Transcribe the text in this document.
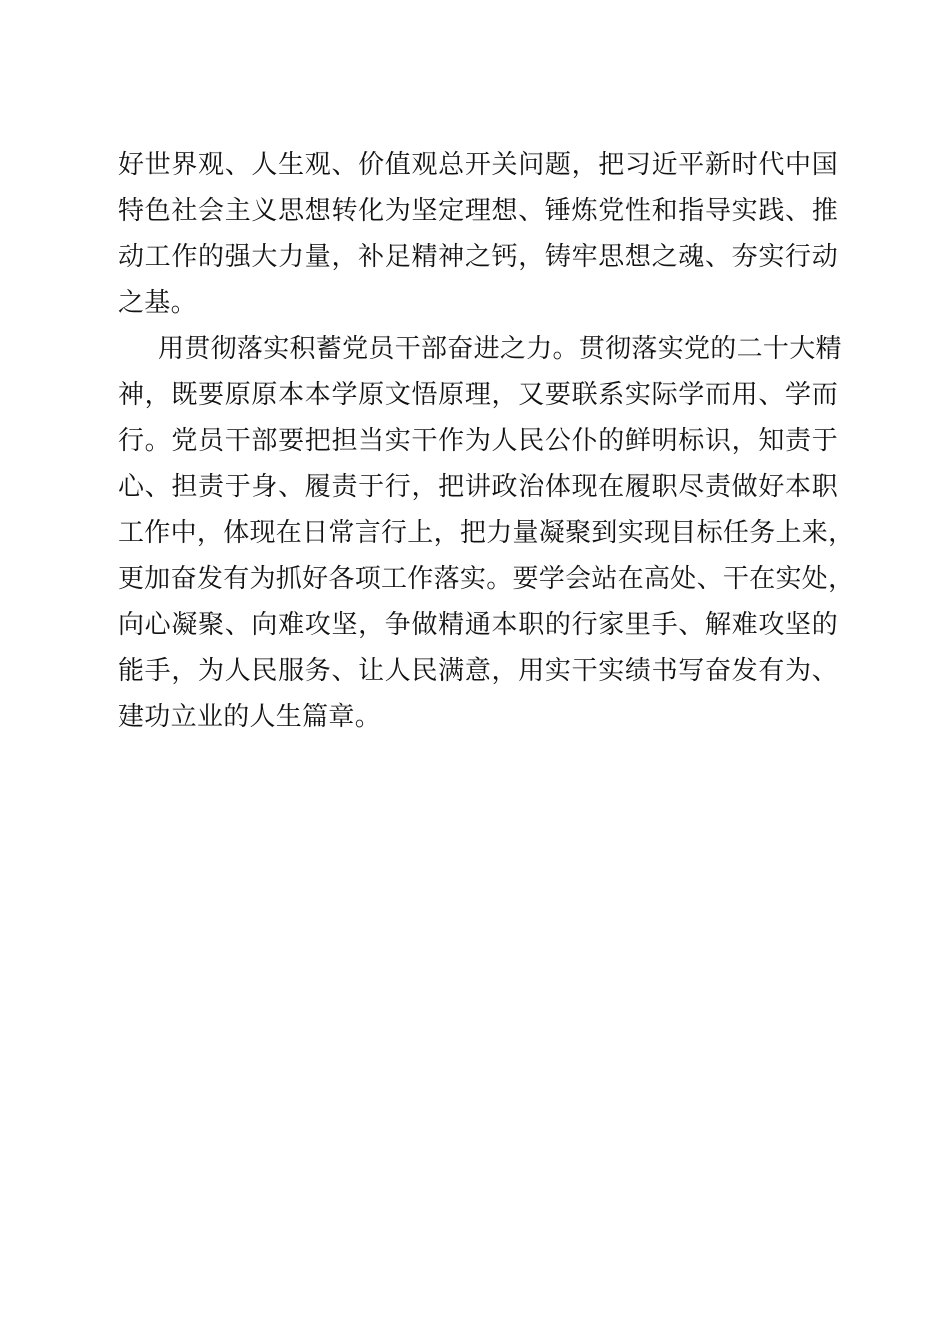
好世界观、人生观、价值观总开关问题，把习近平新时代中国
特色社会主义思想转化为坚定理想、锤炼党性和指导实践、推
动工作的强大力量，补足精神之钙，铸牢思想之魂、夯实行动
之基。
用贯彻落实积蓄党员干部奋进之力。贯彻落实党的二十大精
神，既要原原本本学原文悟原理，又要联系实际学而用、学而
行。党员干部要把担当实干作为人民公仆的鲜明标识，知责于
心、担责于身、履责于行，把讲政治体现在履职尽责做好本职
工作中，体现在日常言行上，把力量凝聚到实现目标任务上来，
更加奋发有为抓好各项工作落实。要学会站在高处、干在实处，
向心凝聚、向难攻坚，争做精通本职的行家里手、解难攻坚的
能手，为人民服务、让人民满意，用实干实绩书写奋发有为、
建功立业的人生篇章。
